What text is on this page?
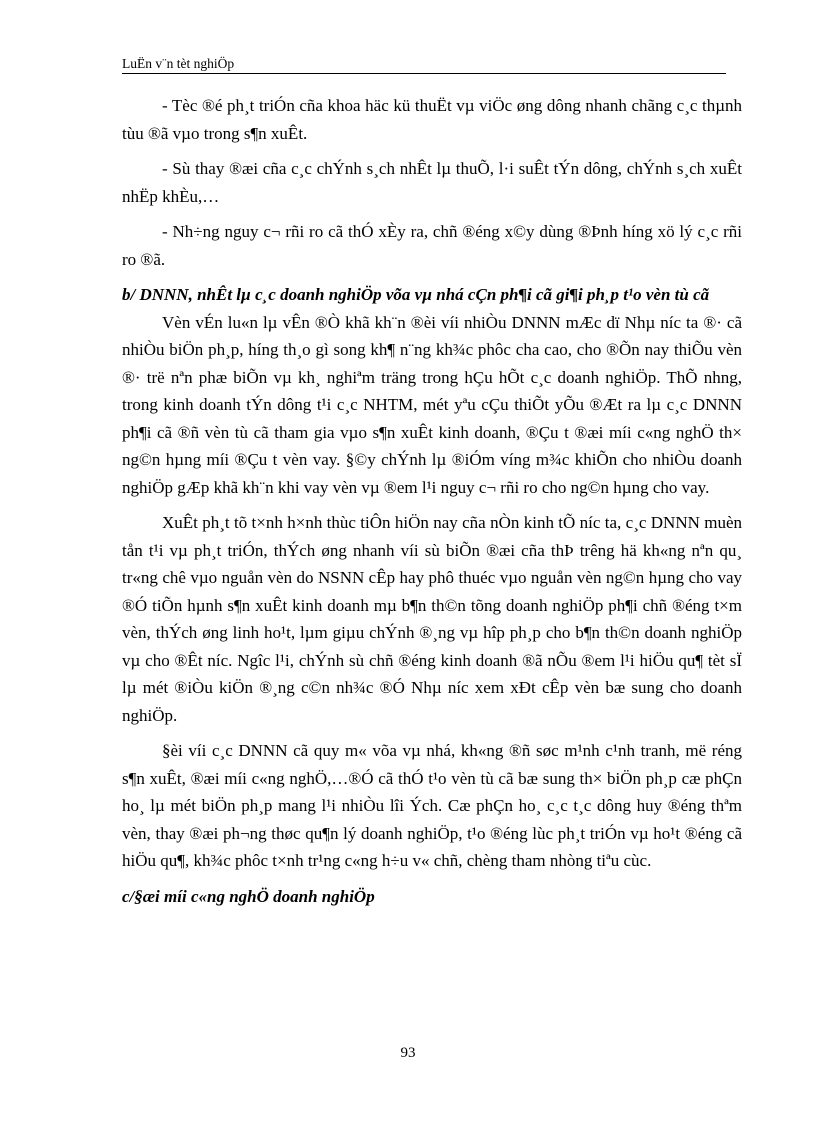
LuËn v¨n tèt nghiÖp

- Tèc ®é ph¸t triÓn cña khoa häc kü thuËt vµ viÖc øng dông nhanh chãng c¸c thµnh tùu ®ã vµo trong s¶n xuÊt.

- Sù thay ®æi cña c¸c chÝnh s¸ch nhÊt lµ thuÕ, l·i suÊt tÝn dông, chÝnh s¸ch xuÊt nhËp khÈu,…

- Nh÷ng nguy c¬ rñi ro cã thÓ xÈy ra, chñ ®éng x©y dùng ®Þnh híng xö lý c¸c rñi ro ®ã.

b/ DNNN, nhÊt lµ c¸c doanh nghiÖp võa vµ nhá cÇn ph¶i cã gi¶i ph¸p t¹o vèn tù cã

Vèn vÉn lu«n lµ vÊn ®Ò khã kh¨n ®èi víi nhiÒu DNNN mÆc dï Nhµ níc ta ®· cã nhiÒu biÖn ph¸p, híng th¸o gì song kh¶ n¨ng kh¾c phôc cha cao, cho ®Õn nay thiÕu vèn ®· trë nªn phæ biÕn vµ kh¸ nghiªm träng trong hÇu hÕt c¸c doanh nghiÖp. ThÕ nhng, trong kinh doanh tÝn dông t¹i c¸c NHTM, mét yªu cÇu thiÕt yÕu ®Æt ra lµ c¸c DNNN ph¶i cã ®ñ vèn tù cã tham gia vµo s¶n xuÊt kinh doanh, ®Çu t ®æi míi c«ng nghÖ th× ng©n hµng míi ®Çu t vèn vay. §©y chÝnh lµ ®iÓm víng m¾c khiÕn cho nhiÒu doanh nghiÖp gÆp khã kh¨n khi vay vèn vµ ®em l¹i nguy c¬ rñi ro cho ng©n hµng cho vay.

XuÊt ph¸t tõ t×nh h×nh thùc tiÔn hiÖn nay cña nÒn kinh tÕ níc ta, c¸c DNNN muèn tån t¹i vµ ph¸t triÓn, thÝch øng nhanh víi sù biÕn ®æi cña thÞ trêng hä kh«ng nªn qu¸ tr«ng chê vµo nguån vèn do NSNN cÊp hay phô thuéc vµo nguån vèn ng©n hµng cho vay ®Ó tiÕn hµnh s¶n xuÊt kinh doanh mµ b¶n th©n tõng doanh nghiÖp ph¶i chñ ®éng t×m vèn, thÝch øng linh ho¹t, lµm giµu chÝnh ®¸ng vµ hîp ph¸p cho b¶n th©n doanh nghiÖp vµ cho ®Êt níc. Ngîc l¹i, chÝnh sù chñ ®éng kinh doanh ®ã nÕu ®em l¹i hiÖu qu¶ tèt sÏ lµ mét ®iÒu kiÖn ®¸ng c©n nh¾c ®Ó Nhµ níc xem xÐt cÊp vèn bæ sung cho doanh nghiÖp.

§èi víi c¸c DNNN cã quy m« võa vµ nhá, kh«ng ®ñ søc m¹nh c¹nh tranh, më réng s¶n xuÊt, ®æi míi c«ng nghÖ,…®Ó cã thÓ t¹o vèn tù cã bæ sung th× biÖn ph¸p cæ phÇn ho¸ lµ mét biÖn ph¸p mang l¹i nhiÒu lîi Ých. Cæ phÇn ho¸ c¸c t¸c dông huy ®éng thªm vèn, thay ®æi ph¬ng thøc qu¶n lý doanh nghiÖp, t¹o ®éng lùc ph¸t triÓn vµ ho¹t ®éng cã hiÖu qu¶, kh¾c phôc t×nh tr¹ng c«ng h÷u v« chñ, chèng tham nhòng tiªu cùc.

c/§æi míi c«ng nghÖ doanh nghiÖp
93
